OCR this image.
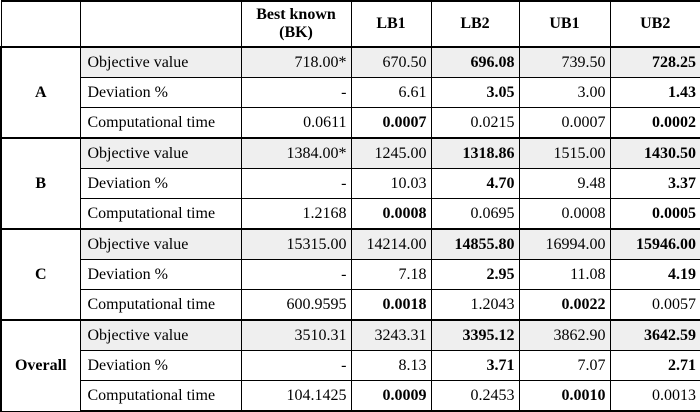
		Best known (BK)	LB1	LB2	UB1	UB2
A	Objective value	718.00*	670.50	696.08	739.50	728.25
	Deviation %	-	6.61	3.05	3.00	1.43
	Computational time	0.0611	0.0007	0.0215	0.0007	0.0002
B	Objective value	1384.00*	1245.00	1318.86	1515.00	1430.50
	Deviation %	-	10.03	4.70	9.48	3.37
	Computational time	1.2168	0.0008	0.0695	0.0008	0.0005
C	Objective value	15315.00	14214.00	14855.80	16994.00	15946.00
	Deviation %	-	7.18	2.95	11.08	4.19
	Computational time	600.9595	0.0018	1.2043	0.0022	0.0057
Overall	Objective value	3510.31	3243.31	3395.12	3862.90	3642.59
	Deviation %	-	8.13	3.71	7.07	2.71
	Computational time	104.1425	0.0009	0.2453	0.0010	0.0013
